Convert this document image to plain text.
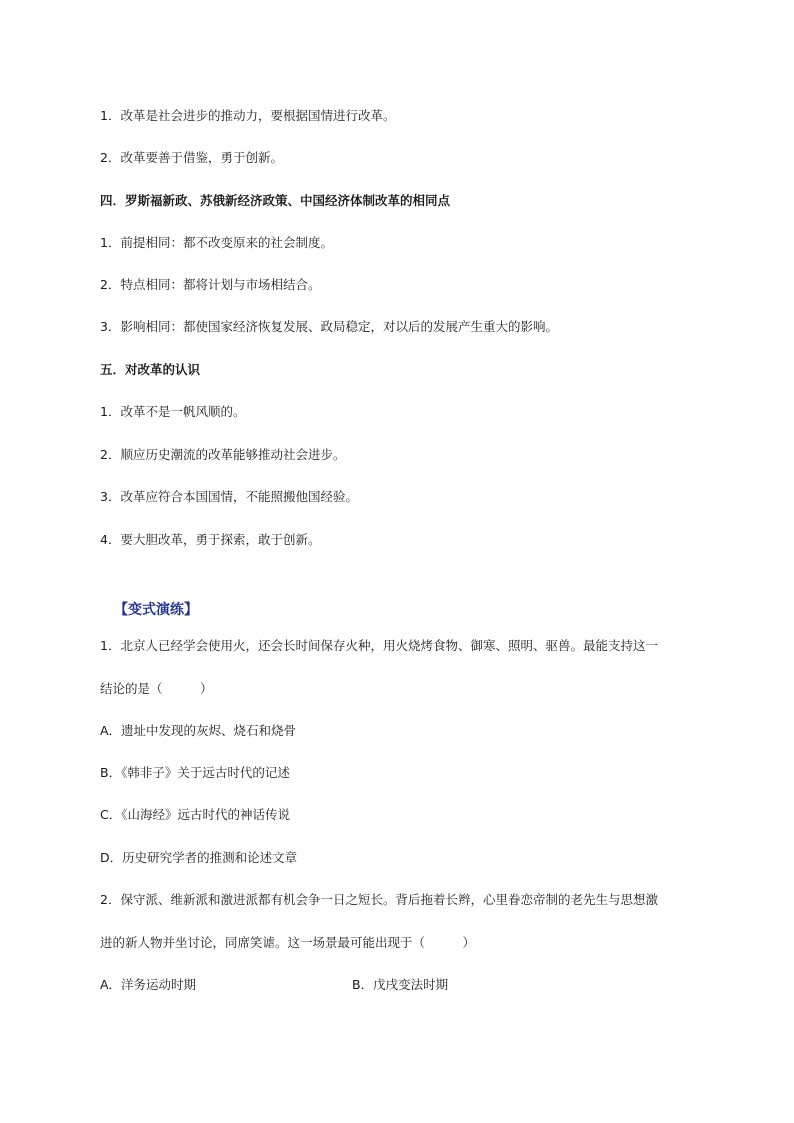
1．改革是社会进步的推动力，要根据国情进行改革。
2．改革要善于借鉴，勇于创新。
四．罗斯福新政、苏俄新经济政策、中国经济体制改革的相同点
1．前提相同：都不改变原来的社会制度。
2．特点相同：都将计划与市场相结合。
3．影响相同：都使国家经济恢复发展、政局稳定，对以后的发展产生重大的影响。
五．对改革的认识
1．改革不是一帆风顺的。
2．顺应历史潮流的改革能够推动社会进步。
3．改革应符合本国国情，不能照搬他国经验。
4．要大胆改革，勇于探索，敢于创新。
【变式演练】
1．北京人已经学会使用火，还会长时间保存火种，用火烧烤食物、御寒、照明、驱兽。最能支持这一
结论的是（　　　）
A．遗址中发现的灰烬、烧石和烧骨
B．《韩非子》关于远古时代的记述
C．《山海经》远古时代的神话传说
D．历史研究学者的推测和论述文章
2．保守派、维新派和激进派都有机会争一日之短长。背后拖着长辫，心里眷恋帝制的老先生与思想激
进的新人物并坐讨论，同席笑谑。这一场景最可能出现于（　　　）
A．洋务运动时期	B．戊戌变法时期
